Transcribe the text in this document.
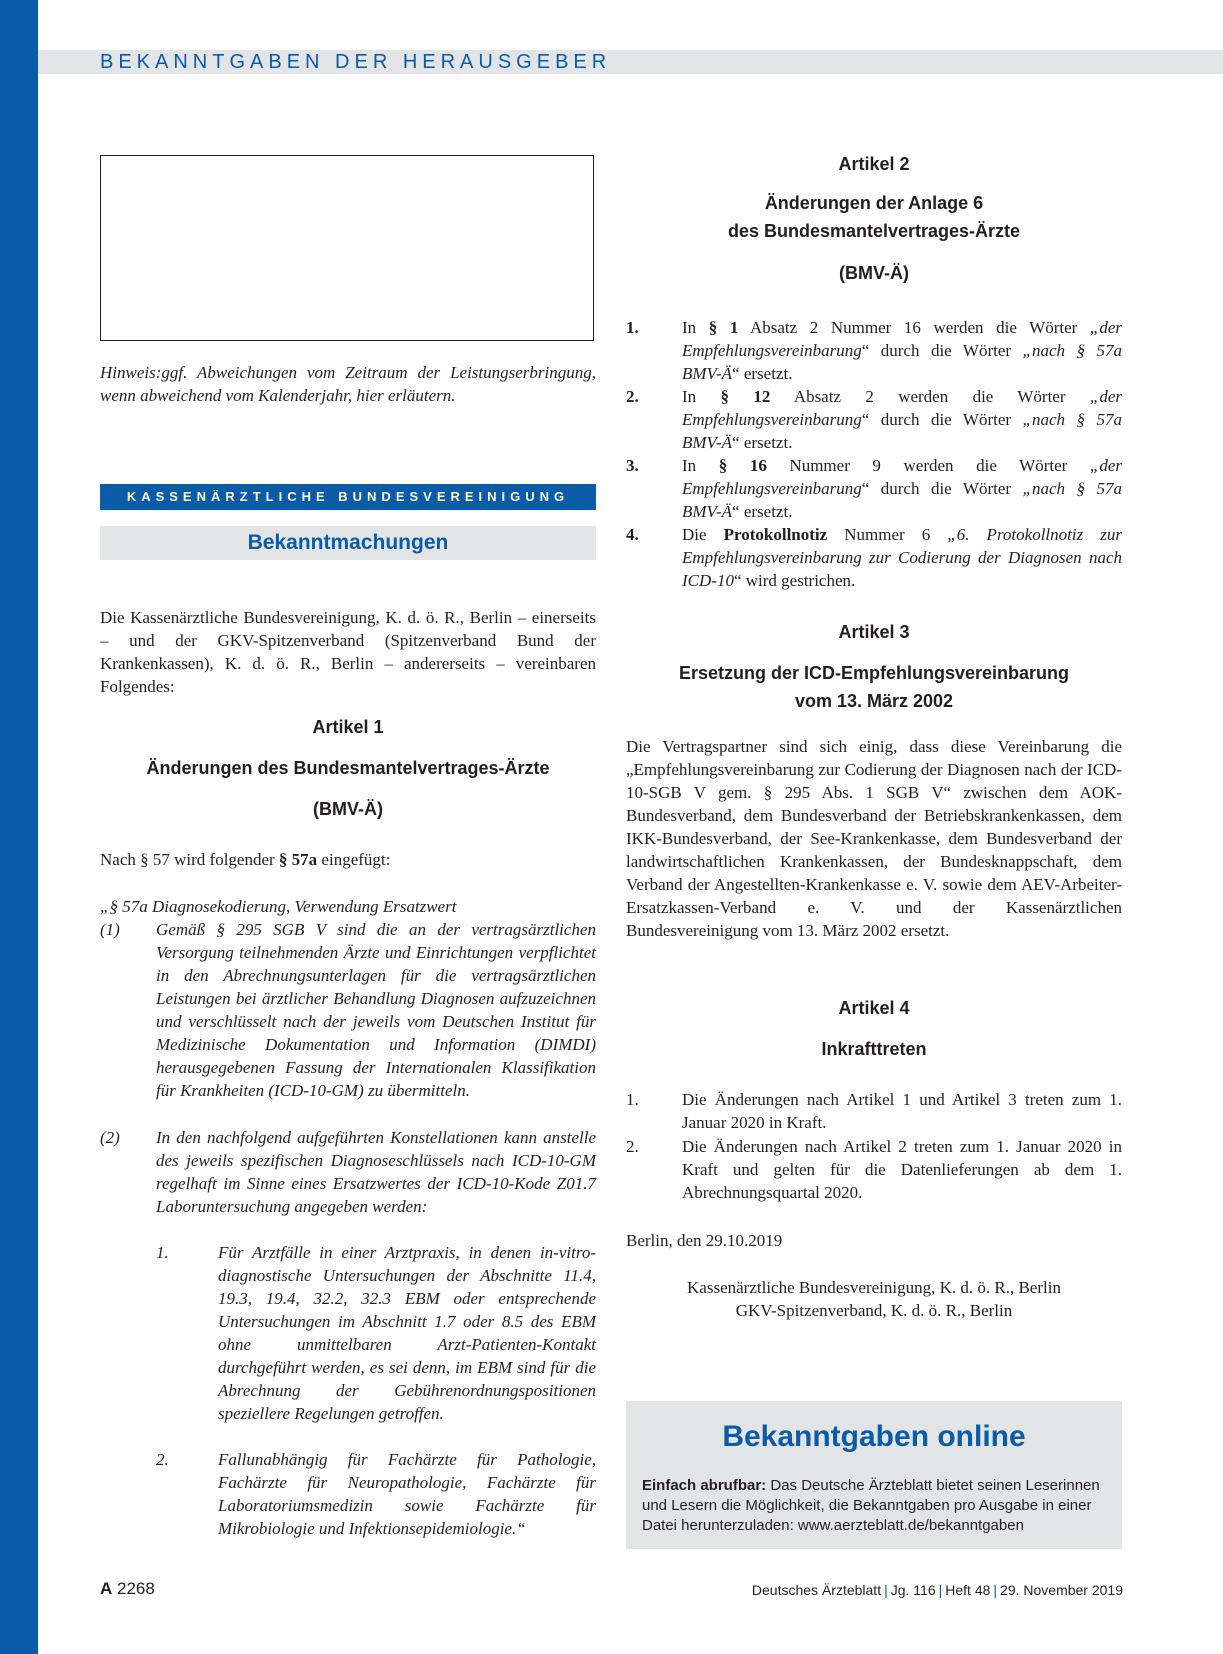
BEKANNTGABEN DER HERAUSGEBER
Hinweis:ggf. Abweichungen vom Zeitraum der Leistungserbringung, wenn abweichend vom Kalenderjahr, hier erläutern.
KASSENÄRZTLICHE BUNDESVEREINIGUNG
Bekanntmachungen
Die Kassenärztliche Bundesvereinigung, K. d. ö. R., Berlin – einerseits – und der GKV-Spitzenverband (Spitzenverband Bund der Krankenkassen), K. d. ö. R., Berlin – andererseits – vereinbaren Folgendes:
Artikel 1
Änderungen des Bundesmantelvertrages-Ärzte
(BMV-Ä)
Nach § 57 wird folgender § 57a eingefügt:
„§ 57a Diagnosekodierung, Verwendung Ersatzwert
(1)	Gemäß § 295 SGB V sind die an der vertragsärztlichen Versorgung teilnehmenden Ärzte und Einrichtungen verpflichtet in den Abrechnungsunterlagen für die vertragsärztlichen Leistungen bei ärztlicher Behandlung Diagnosen aufzuzeichnen und verschlüsselt nach der jeweils vom Deutschen Institut für Medizinische Dokumentation und Information (DIMDI) herausgegebenen Fassung der Internationalen Klassifikation für Krankheiten (ICD-10-GM) zu übermitteln.
(2)	In den nachfolgend aufgeführten Konstellationen kann anstelle des jeweils spezifischen Diagnoseschlüssels nach ICD-10-GM regelhaft im Sinne eines Ersatzwertes der ICD-10-Kode Z01.7 Laboruntersuchung angegeben werden:
1.	Für Arztfälle in einer Arztpraxis, in denen in-vitro-diagnostische Untersuchungen der Abschnitte 11.4, 19.3, 19.4, 32.2, 32.3 EBM oder entsprechende Untersuchungen im Abschnitt 1.7 oder 8.5 des EBM ohne unmittelbaren Arzt-Patienten-Kontakt durchgeführt werden, es sei denn, im EBM sind für die Abrechnung der Gebührenordnungspositionen speziellere Regelungen getroffen.
2.	Fallunabhängig für Fachärzte für Pathologie, Fachärzte für Neuropathologie, Fachärzte für Laboratoriumsmedizin sowie Fachärzte für Mikrobiologie und Infektionsepidemiologie.“
Artikel 2
Änderungen der Anlage 6
des Bundesmantelvertrages-Ärzte
(BMV-Ä)
1.	In § 1 Absatz 2 Nummer 16 werden die Wörter „der Empfehlungsvereinbarung“ durch die Wörter „nach § 57a BMV-Ä“ ersetzt.
2.	In § 12 Absatz 2 werden die Wörter „der Empfehlungsvereinbarung“ durch die Wörter „nach § 57a BMV-Ä“ ersetzt.
3.	In § 16 Nummer 9 werden die Wörter „der Empfehlungsvereinbarung“ durch die Wörter „nach § 57a BMV-Ä“ ersetzt.
4.	Die Protokollnotiz Nummer 6 „6. Protokollnotiz zur Empfehlungsvereinbarung zur Codierung der Diagnosen nach ICD-10“ wird gestrichen.
Artikel 3
Ersetzung der ICD-Empfehlungsvereinbarung
vom 13. März 2002
Die Vertragspartner sind sich einig, dass diese Vereinbarung die „Empfehlungsvereinbarung zur Codierung der Diagnosen nach der ICD-10-SGB V gem. § 295 Abs. 1 SGB V“ zwischen dem AOK-Bundesverband, dem Bundesverband der Betriebskrankenkassen, dem IKK-Bundesverband, der See-Krankenkasse, dem Bundesverband der landwirtschaftlichen Krankenkassen, der Bundesknappschaft, dem Verband der Angestellten-Krankenkasse e. V. sowie dem AEV-Arbeiter-Ersatzkassen-Verband e. V. und der Kassenärztlichen Bundesvereinigung vom 13. März 2002 ersetzt.
Artikel 4
Inkrafttreten
1.	Die Änderungen nach Artikel 1 und Artikel 3 treten zum 1. Januar 2020 in Kraft.
2.	Die Änderungen nach Artikel 2 treten zum 1. Januar 2020 in Kraft und gelten für die Datenlieferungen ab dem 1. Abrechnungsquartal 2020.
Berlin, den 29.10.2019
Kassenärztliche Bundesvereinigung, K. d. ö. R., Berlin
GKV-Spitzenverband, K. d. ö. R., Berlin
Bekanntgaben online
Einfach abrufbar: Das Deutsche Ärzteblatt bietet seinen Leserinnen und Lesern die Möglichkeit, die Bekanntgaben pro Ausgabe in einer Datei herunterzuladen: www.aerzteblatt.de/bekanntgaben
A 2268	Deutsches Ärzteblatt | Jg. 116 | Heft 48 | 29. November 2019
